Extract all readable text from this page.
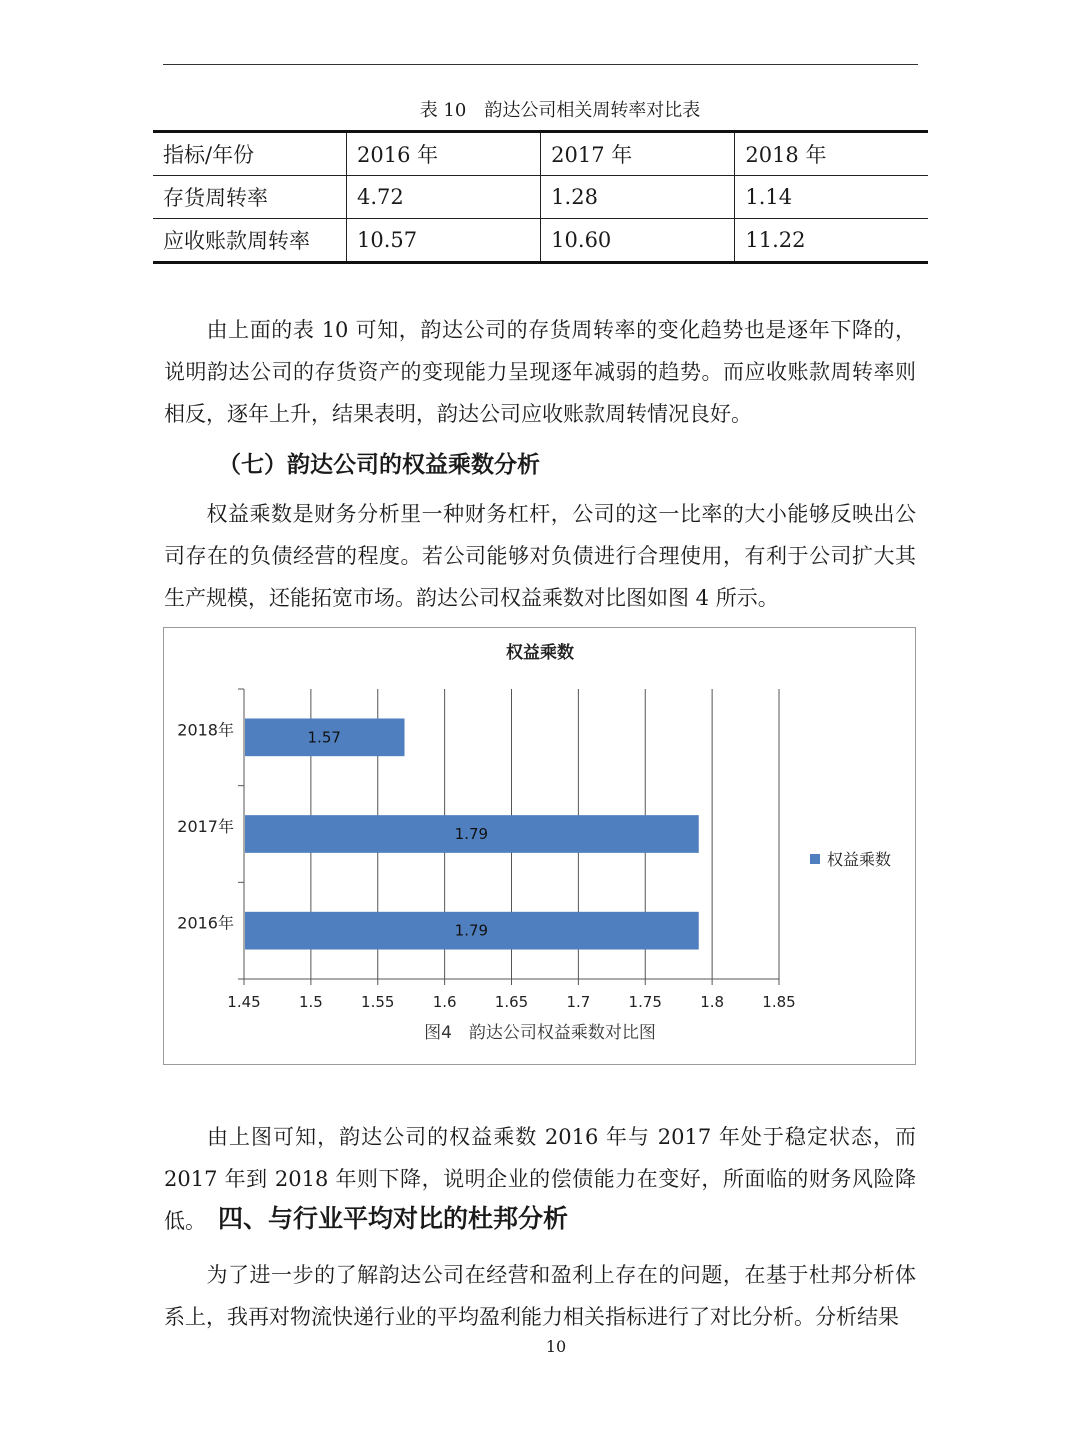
表 10　韵达公司相关周转率对比表
指标/年份	2016 年	2017 年	2018 年
存货周转率	4.72	1.28	1.14
应收账款周转率	10.57	10.60	11.22
由上面的表 10 可知，韵达公司的存货周转率的变化趋势也是逐年下降的，说明韵达公司的存货资产的变现能力呈现逐年减弱的趋势。而应收账款周转率则相反，逐年上升，结果表明，韵达公司应收账款周转情况良好。
（七）韵达公司的权益乘数分析
权益乘数是财务分析里一种财务杠杆，公司的这一比率的大小能够反映出公司存在的负债经营的程度。若公司能够对负债进行合理使用，有利于公司扩大其生产规模，还能拓宽市场。韵达公司权益乘数对比图如图 4 所示。
权益乘数
1.79
1.79
1.57
1.45	1.5	1.55	1.6	1.65	1.7	1.75	1.8	1.85
2016年
2017年
2018年
权益乘数
图4　韵达公司权益乘数对比图
由上图可知，韵达公司的权益乘数 2016 年与 2017 年处于稳定状态，而 2017 年到 2018 年则下降，说明企业的偿债能力在变好，所面临的财务风险降低。 四、与行业平均对比的杜邦分析
为了进一步的了解韵达公司在经营和盈利上存在的问题，在基于杜邦分析体系上，我再对物流快递行业的平均盈利能力相关指标进行了对比分析。分析结果
10
